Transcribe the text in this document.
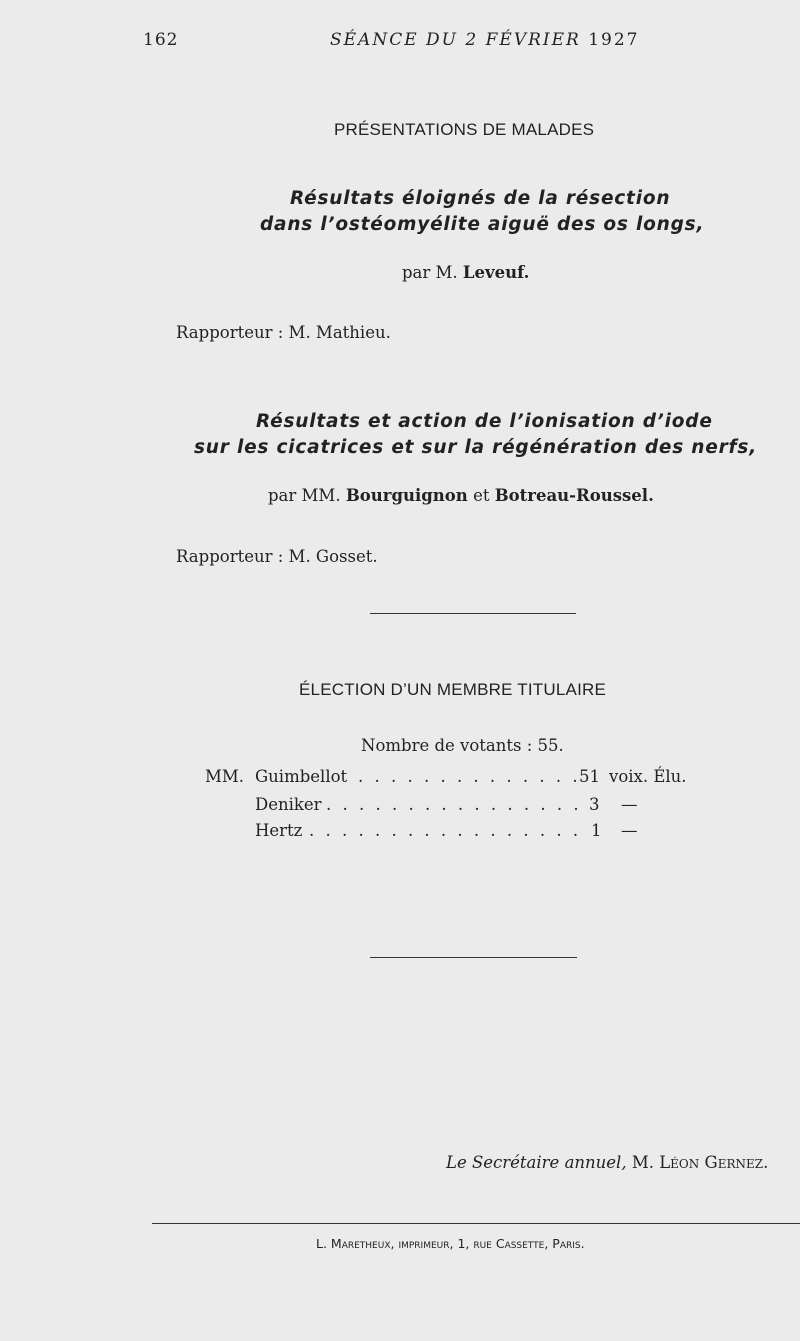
162	SÉANCE DU 2 FÉVRIER 1927
PRÉSENTATIONS DE MALADES
Résultats éloignés de la résection
dans l’ostéomyélite aiguë des os longs,
par M. Leveuf.
Rapporteur : M. Mathieu.
Résultats et action de l’ionisation d’iode
sur les cicatrices et sur la régénération des nerfs,
par MM. Bourguignon et Botreau-Roussel.
Rapporteur : M. Gosset.
ÉLECTION D’UN MEMBRE TITULAIRE
Nombre de votants : 55.
MM. Guimbellot . . . . . . . . . . . . . .
51 voix. Élu.
Deniker . . . . . . . . . . . . . . . . 3 —
Hertz . . . . . . . . . . . . . . . . . 1 —
Le Secrétaire annuel, M. Léon Gernez.
L. Maretheux, imprimeur, 1, rue Cassette, Paris.
